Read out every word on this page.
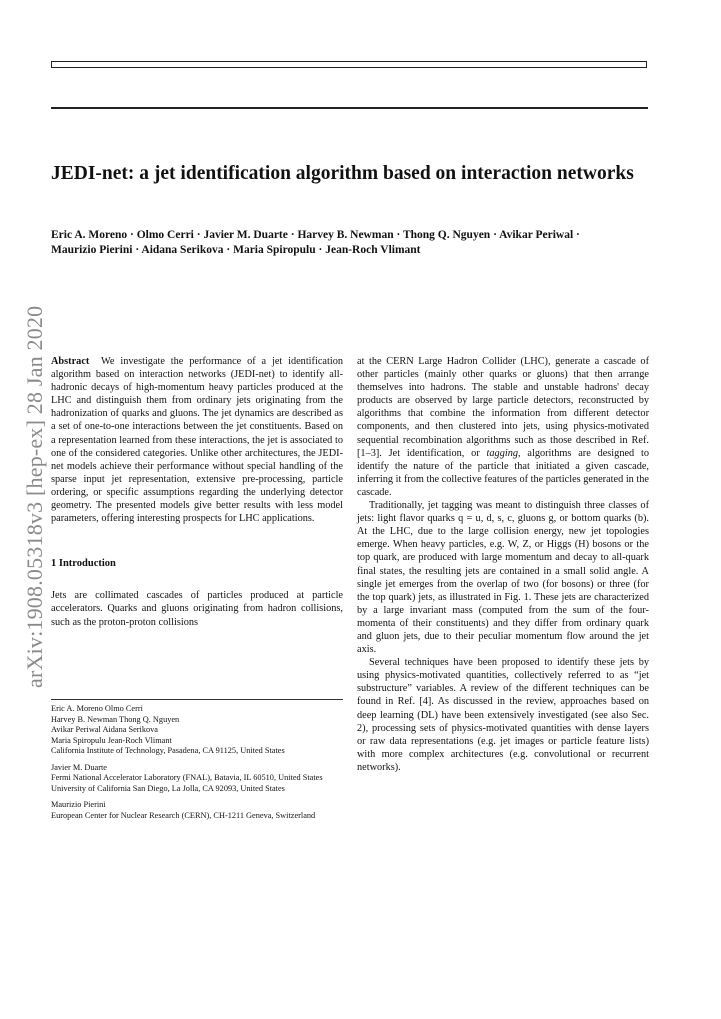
arXiv:1908.05318v3 [hep-ex] 28 Jan 2020
JEDI-net: a jet identification algorithm based on interaction networks
Eric A. Moreno · Olmo Cerri · Javier M. Duarte · Harvey B. Newman · Thong Q. Nguyen · Avikar Periwal · Maurizio Pierini · Aidana Serikova · Maria Spiropulu · Jean-Roch Vlimant

Abstract We investigate the performance of a jet identification algorithm based on interaction networks (JEDI-net) to identify all-hadronic decays of high-momentum heavy particles produced at the LHC and distinguish them from ordinary jets originating from the hadronization of quarks and gluons. The jet dynamics are described as a set of one-to-one interactions between the jet constituents. Based on a representation learned from these interactions, the jet is associated to one of the considered categories. Unlike other architectures, the JEDI-net models achieve their performance without special handling of the sparse input jet representation, extensive pre-processing, particle ordering, or specific assumptions regarding the underlying detector geometry. The presented models give better results with less model parameters, offering interesting prospects for LHC applications.

1 Introduction

Jets are collimated cascades of particles produced at particle accelerators. Quarks and gluons originating from hadron collisions, such as the proton-proton collisions

Eric A. Moreno Olmo Cerri
Harvey B. Newman Thong Q. Nguyen
Avikar Periwal Aidana Serikova
Maria Spiropulu Jean-Roch Vlimant
California Institute of Technology, Pasadena, CA 91125, United States
Javier M. Duarte
Fermi National Accelerator Laboratory (FNAL), Batavia, IL 60510, United States
University of California San Diego, La Jolla, CA 92093, United States
Maurizio Pierini
European Center for Nuclear Research (CERN), CH-1211 Geneva, Switzerland

at the CERN Large Hadron Collider (LHC), generate a cascade of other particles (mainly other quarks or gluons) that then arrange themselves into hadrons. The stable and unstable hadrons' decay products are observed by large particle detectors, reconstructed by algorithms that combine the information from different detector components, and then clustered into jets, using physics-motivated sequential recombination algorithms such as those described in Ref. [1–3]. Jet identification, or tagging, algorithms are designed to identify the nature of the particle that initiated a given cascade, inferring it from the collective features of the particles generated in the cascade.

Traditionally, jet tagging was meant to distinguish three classes of jets: light flavor quarks q = u, d, s, c, gluons g, or bottom quarks (b). At the LHC, due to the large collision energy, new jet topologies emerge. When heavy particles, e.g. W, Z, or Higgs (H) bosons or the top quark, are produced with large momentum and decay to all-quark final states, the resulting jets are contained in a small solid angle. A single jet emerges from the overlap of two (for bosons) or three (for the top quark) jets, as illustrated in Fig. 1. These jets are characterized by a large invariant mass (computed from the sum of the four-momenta of their constituents) and they differ from ordinary quark and gluon jets, due to their peculiar momentum flow around the jet axis.

Several techniques have been proposed to identify these jets by using physics-motivated quantities, collectively referred to as “jet substructure” variables. A review of the different techniques can be found in Ref. [4]. As discussed in the review, approaches based on deep learning (DL) have been extensively investigated (see also Sec. 2), processing sets of physics-motivated quantities with dense layers or raw data representations (e.g. jet images or particle feature lists) with more complex architectures (e.g. convolutional or recurrent networks).
